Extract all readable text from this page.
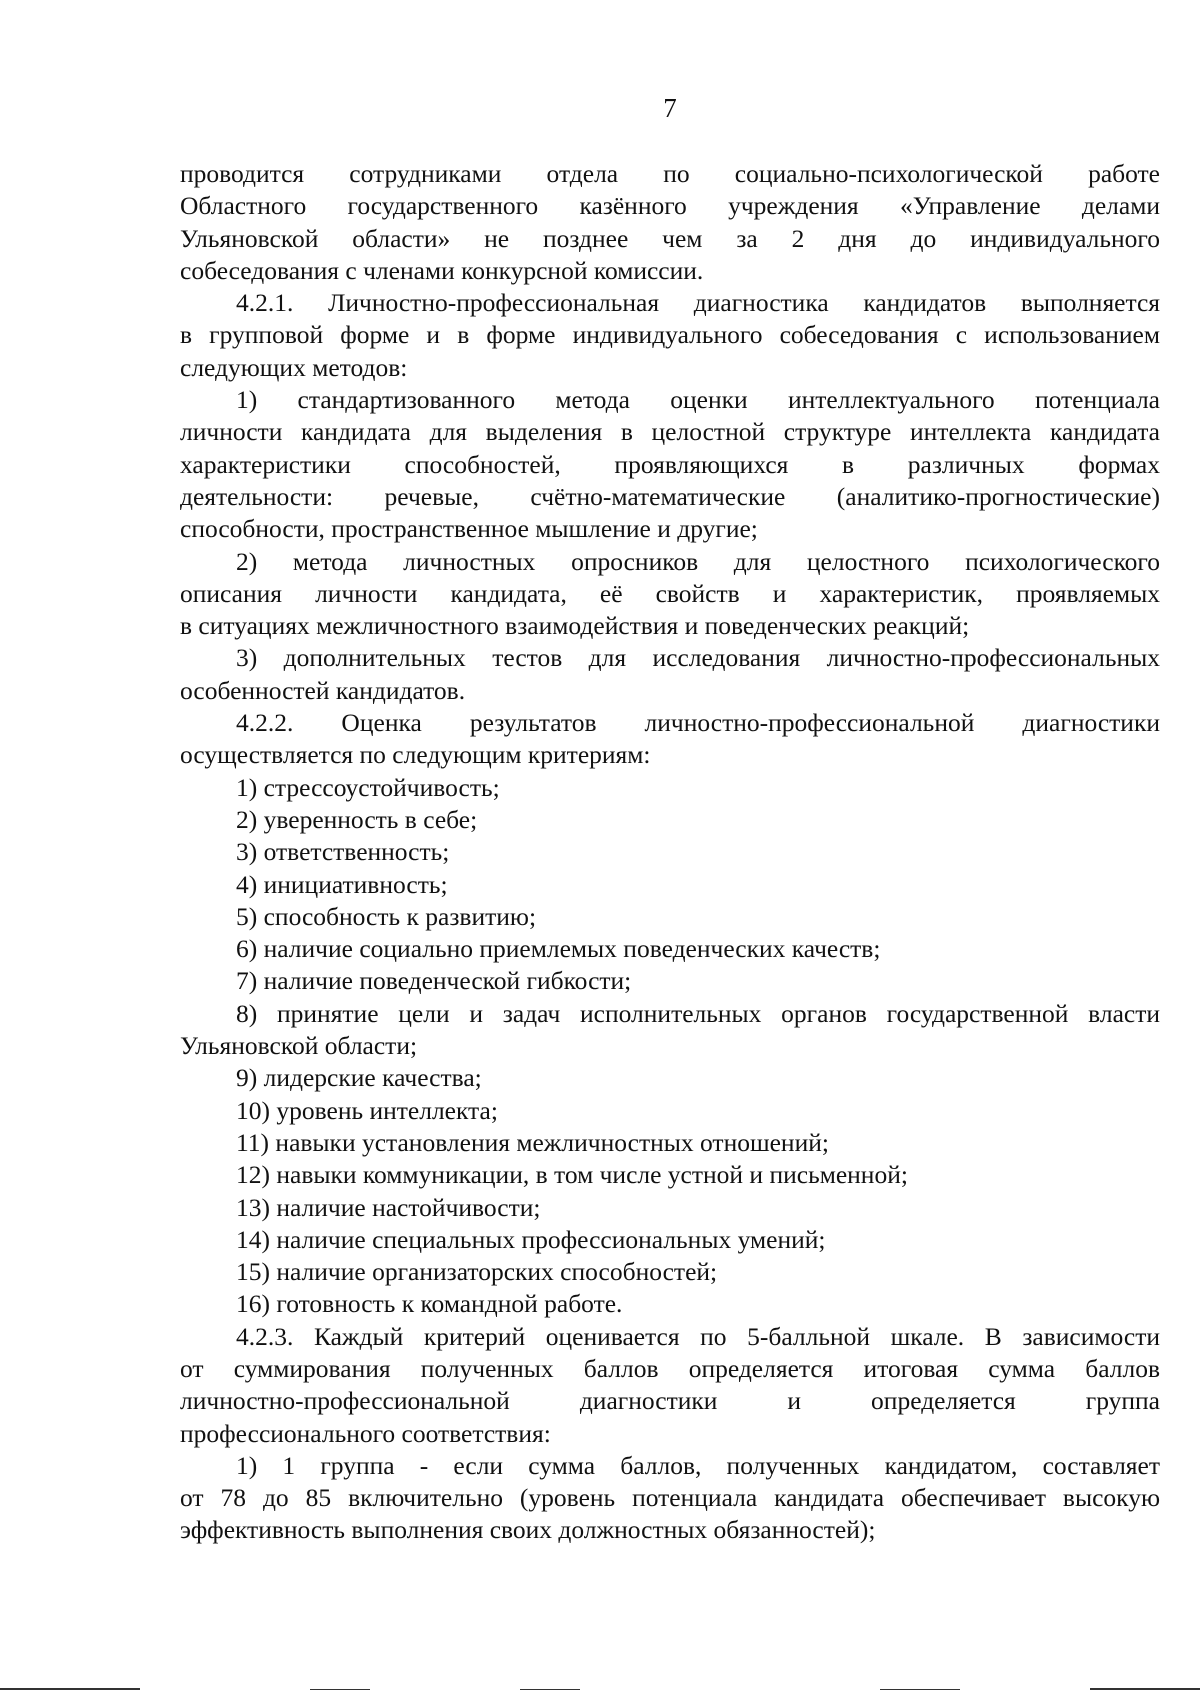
7

проводится сотрудниками отдела по социально-психологической работе

Областного государственного казённого учреждения «Управление делами

Ульяновской области» не позднее чем за 2 дня до индивидуального

собеседования с членами конкурсной комиссии.

4.2.1. Личностно-профессиональная диагностика кандидатов выполняется

в групповой форме и в форме индивидуального собеседования с использованием

следующих методов:

1) стандартизованного метода оценки интеллектуального потенциала

личности кандидата для выделения в целостной структуре интеллекта кандидата

характеристики способностей, проявляющихся в различных формах

деятельности: речевые, счётно-математические (аналитико-прогностические)

способности, пространственное мышление и другие;

2) метода личностных опросников для целостного психологического

описания личности кандидата, её свойств и характеристик, проявляемых

в ситуациях межличностного взаимодействия и поведенческих реакций;

3) дополнительных тестов для исследования личностно-профессиональных

особенностей кандидатов.

4.2.2. Оценка результатов личностно-профессиональной диагностики

осуществляется по следующим критериям:

1) стрессоустойчивость;

2) уверенность в себе;

3) ответственность;

4) инициативность;

5) способность к развитию;

6) наличие социально приемлемых поведенческих качеств;

7) наличие поведенческой гибкости;

8) принятие цели и задач исполнительных органов государственной власти

Ульяновской области;

9) лидерские качества;

10) уровень интеллекта;

11) навыки установления межличностных отношений;

12) навыки коммуникации, в том числе устной и письменной;

13) наличие настойчивости;

14) наличие специальных профессиональных умений;

15) наличие организаторских способностей;

16) готовность к командной работе.

4.2.3. Каждый критерий оценивается по 5-балльной шкале. В зависимости

от суммирования полученных баллов определяется итоговая сумма баллов

личностно-профессиональной диагностики и определяется группа

профессионального соответствия:

1) 1 группа - если сумма баллов, полученных кандидатом, составляет

от 78 до 85 включительно (уровень потенциала кандидата обеспечивает высокую

эффективность выполнения своих должностных обязанностей);
